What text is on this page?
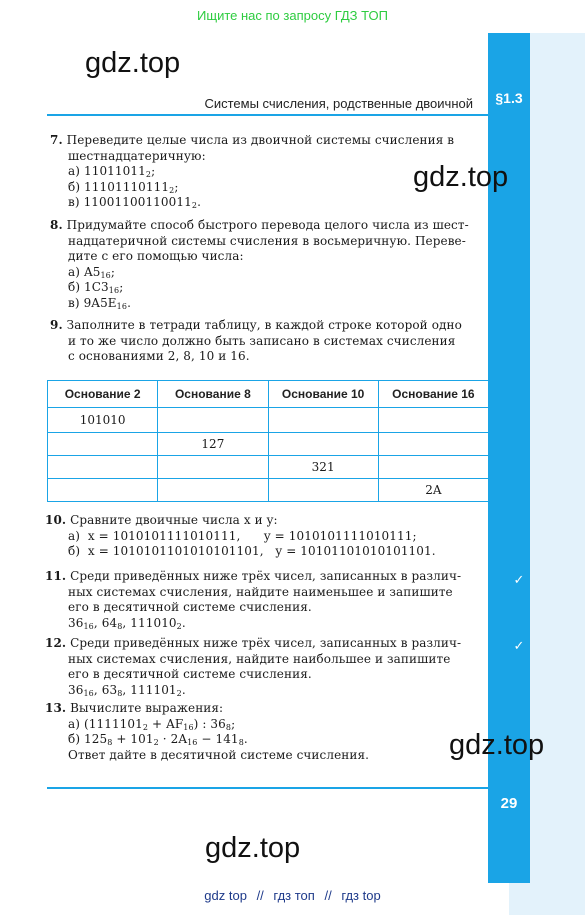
Ищите нас по запросу ГДЗ ТОП
gdz.top
§1.3
Системы счисления, родственные двоичной
7. Переведите целые числа из двоичной системы счисления в
шестнадцатеричную:
а) $11011011_2$;
б) $11101110111_2$;
в) $11001100110011_2$.
gdz.top
8. Придумайте способ быстрого перевода целого числа из шест-
надцатеричной системы счисления в восьмеричную. Переве-
дите с его помощью числа:
а) $A5_{16}$;
б) $1C3_{16}$;
в) $9A5E_{16}$.
9. Заполните в тетради таблицу, в каждой строке которой одно
и то же число должно быть записано в системах счисления
с основаниями 2, 8, 10 и 16.
Основание 2	Основание 8	Основание 10	Основание 16
101010			
	127		
		321	
			2A
10. Сравните двоичные числа x и y:
а)  x = 1010101111010111,      y = 1010101111010111;
б)  x = 1010101101010101101,   y = 10101101010101101.
11. Среди приведённых ниже трёх чисел, записанных в различ-
ных системах счисления, найдите наименьшее и запишите
его в десятичной системе счисления.
$36_{16}$, $64_8$, $111010_2$.
✓
12. Среди приведённых ниже трёх чисел, записанных в различ-
ных системах счисления, найдите наибольшее и запишите
его в десятичной системе счисления.
$36_{16}$, $63_8$, $111101_2$.
✓
13. Вычислите выражения:
а) $(1111101_2 + AF_{16})$ : $36_8$;
б) $125_8 + 101_2 \cdot 2A_{16} - 141_8$.
Ответ дайте в десятичной системе счисления.	gdz.top
29
gdz.top
gdz top // гдз топ // гдз top
